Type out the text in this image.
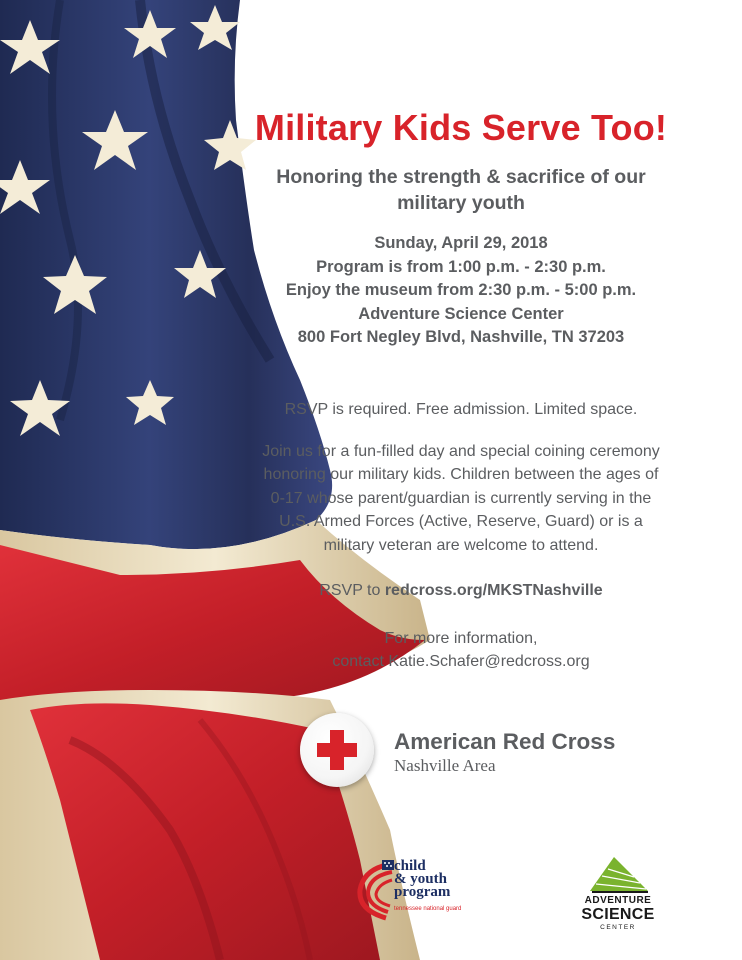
Military Kids Serve Too!
Honoring the strength & sacrifice of our
military youth
Sunday, April 29, 2018
Program is from 1:00 p.m. - 2:30 p.m.
Enjoy the museum from 2:30 p.m. - 5:00 p.m.
Adventure Science Center
800 Fort Negley Blvd, Nashville, TN 37203
RSVP is required. Free admission. Limited space.
Join us for a fun-filled day and special coining ceremony
honoring our military kids. Children between the ages of
0-17 whose parent/guardian is currently serving in the
U.S. Armed Forces (Active, Reserve, Guard) or is a
military veteran are welcome to attend.
RSVP to redcross.org/MKSTNashville
For more information,
contact Katie.Schafer@redcross.org
American Red Cross
Nashville Area
child
& youth
program
tennessee national guard
ADVENTURE
SCIENCE
CENTER
